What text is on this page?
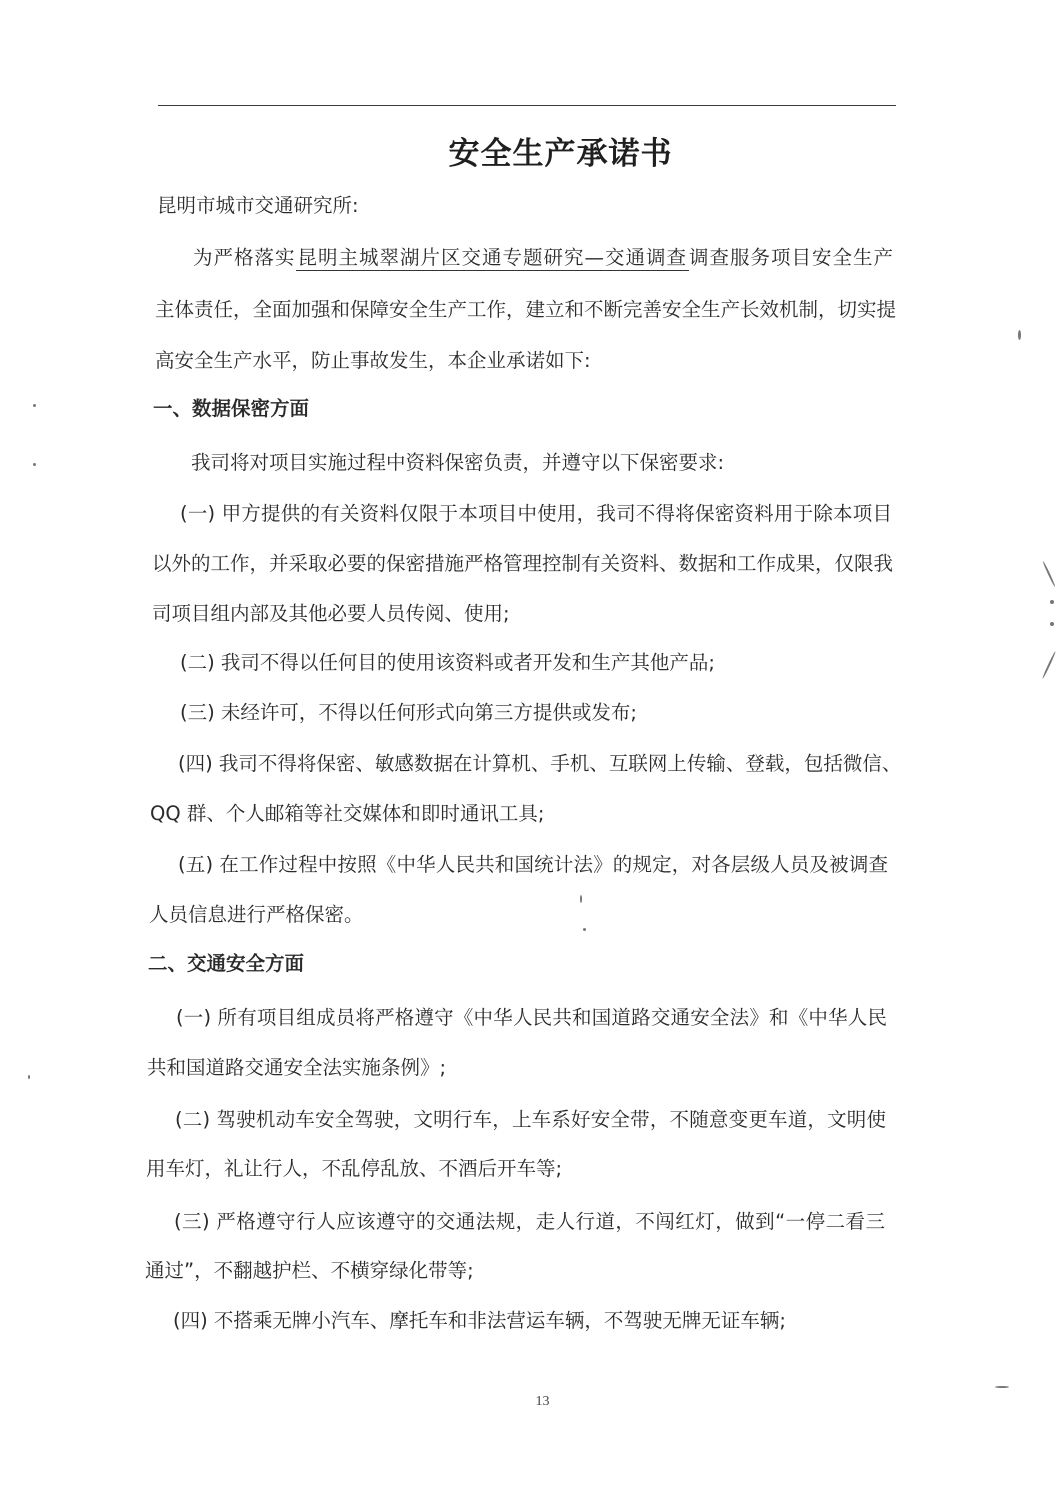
安全生产承诺书
昆明市城市交通研究所:
为严格落实 昆明主城翠湖片区交通专题研究—交通调查 调查服务项目安全生产
主体责任，全面加强和保障安全生产工作，建立和不断完善安全生产长效机制，切实提
高安全生产水平，防止事故发生，本企业承诺如下:
一、数据保密方面
我司将对项目实施过程中资料保密负责，并遵守以下保密要求:
(一) 甲方提供的有关资料仅限于本项目中使用，我司不得将保密资料用于除本项目
以外的工作，并采取必要的保密措施严格管理控制有关资料、数据和工作成果，仅限我
司项目组内部及其他必要人员传阅、使用;
(二) 我司不得以任何目的使用该资料或者开发和生产其他产品;
(三) 未经许可，不得以任何形式向第三方提供或发布;
(四) 我司不得将保密、敏感数据在计算机、手机、互联网上传输、登载，包括微信、
QQ 群、个人邮箱等社交媒体和即时通讯工具;
(五) 在工作过程中按照《中华人民共和国统计法》的规定，对各层级人员及被调查
人员信息进行严格保密。
二、交通安全方面
(一) 所有项目组成员将严格遵守《中华人民共和国道路交通安全法》和《中华人民
共和国道路交通安全法实施条例》;
(二) 驾驶机动车安全驾驶，文明行车，上车系好安全带，不随意变更车道，文明使
用车灯，礼让行人，不乱停乱放、不酒后开车等;
(三) 严格遵守行人应该遵守的交通法规，走人行道，不闯红灯，做到“一停二看三
通过”，不翻越护栏、不横穿绿化带等;
(四) 不搭乘无牌小汽车、摩托车和非法营运车辆，不驾驶无牌无证车辆;
13
